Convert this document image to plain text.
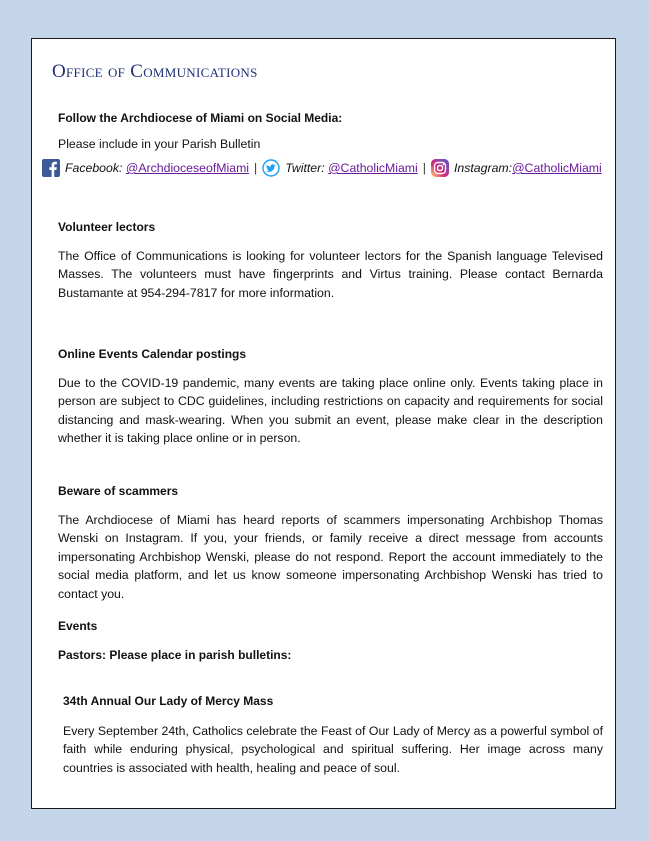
Office of Communications
Follow the Archdiocese of Miami on Social Media:
Please include in your Parish Bulletin
Facebook:
@ArchdioceseofMiami | Twitter:
@CatholicMiami | Instagram: @CatholicMiami
Volunteer lectors
The Office of Communications is looking for volunteer lectors for the Spanish language Televised Masses. The volunteers must have fingerprints and Virtus training. Please contact Bernarda Bustamante at 954-294-7817 for more information.
Online Events Calendar postings
Due to the COVID-19 pandemic, many events are taking place online only. Events taking place in person are subject to CDC guidelines, including restrictions on capacity and requirements for social distancing and mask-wearing. When you submit an event, please make clear in the description whether it is taking place online or in person.
Beware of scammers
The Archdiocese of Miami has heard reports of scammers impersonating Archbishop Thomas Wenski on Instagram. If you, your friends, or family receive a direct message from accounts impersonating Archbishop Wenski, please do not respond. Report the account immediately to the social media platform, and let us know someone impersonating Archbishop Wenski has tried to contact you.
Events
Pastors: Please place in parish bulletins:
34th Annual Our Lady of Mercy Mass
Every September 24th, Catholics celebrate the Feast of Our Lady of Mercy as a powerful symbol of faith while enduring physical, psychological and spiritual suffering. Her image across many countries is associated with health, healing and peace of soul.
